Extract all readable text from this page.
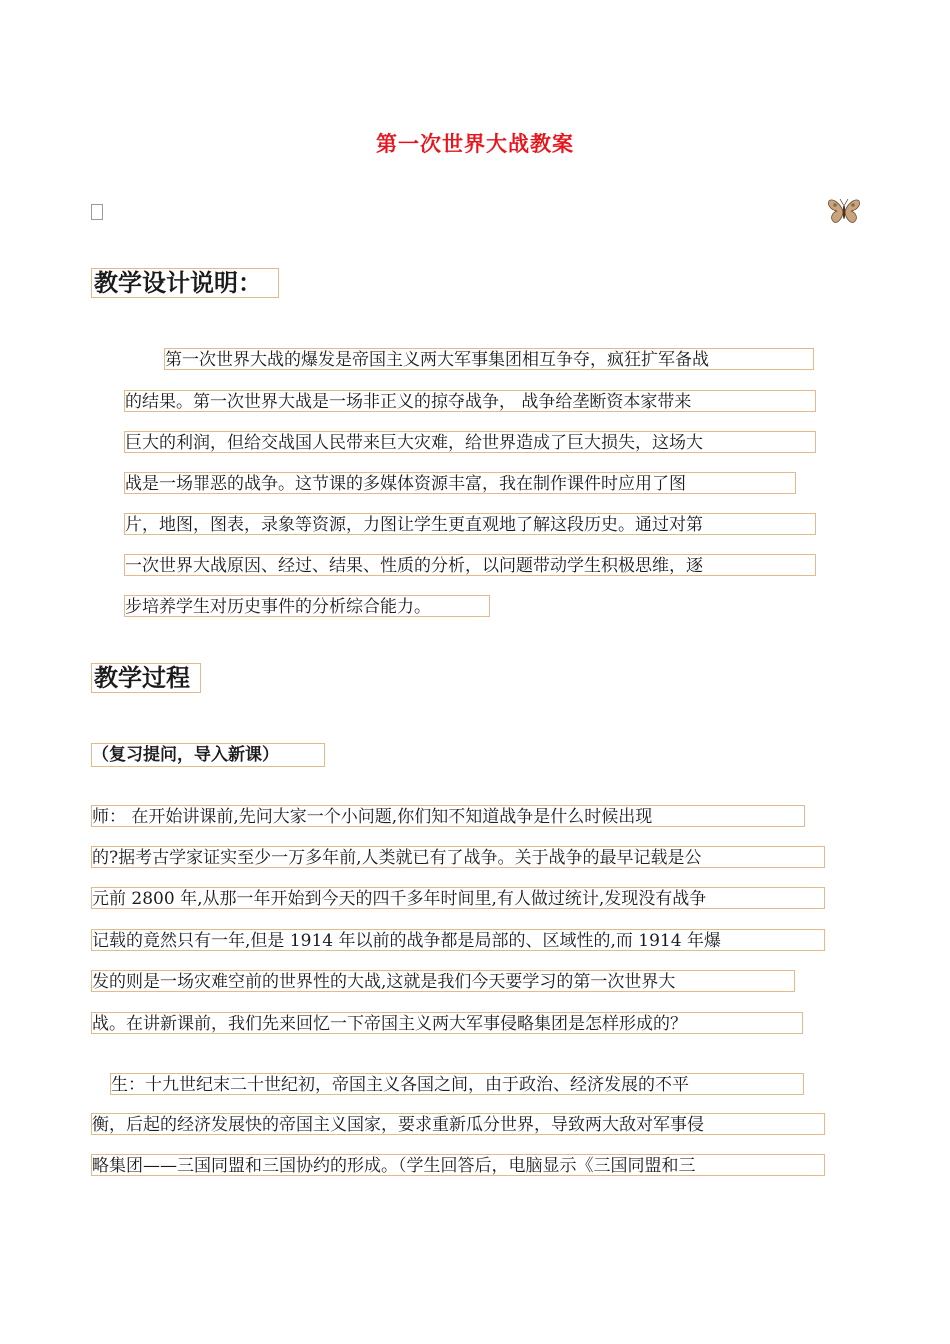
第一次世界大战教案
教学设计说明：
第一次世界大战的爆发是帝国主义两大军事集团相互争夺，疯狂扩军备战
的结果。第一次世界大战是一场非正义的掠夺战争， 战争给垄断资本家带来
巨大的利润，但给交战国人民带来巨大灾难，给世界造成了巨大损失，这场大
战是一场罪恶的战争。这节课的多媒体资源丰富，我在制作课件时应用了图
片，地图，图表，录象等资源，力图让学生更直观地了解这段历史。通过对第
一次世界大战原因、经过、结果、性质的分析，以问题带动学生积极思维，逐
步培养学生对历史事件的分析综合能力。
教学过程
（复习提问，导入新课）
师： 在开始讲课前,先问大家一个小问题,你们知不知道战争是什么时候出现
的?据考古学家证实至少一万多年前,人类就已有了战争。关于战争的最早记载是公
元前 2800 年,从那一年开始到今天的四千多年时间里,有人做过统计,发现没有战争
记载的竟然只有一年,但是 1914 年以前的战争都是局部的、区域性的,而 1914 年爆
发的则是一场灾难空前的世界性的大战,这就是我们今天要学习的第一次世界大
战。在讲新课前，我们先来回忆一下帝国主义两大军事侵略集团是怎样形成的？
生：十九世纪末二十世纪初，帝国主义各国之间，由于政治、经济发展的不平
衡，后起的经济发展快的帝国主义国家，要求重新瓜分世界，导致两大敌对军事侵
略集团——三国同盟和三国协约的形成。（学生回答后，电脑显示《三国同盟和三
